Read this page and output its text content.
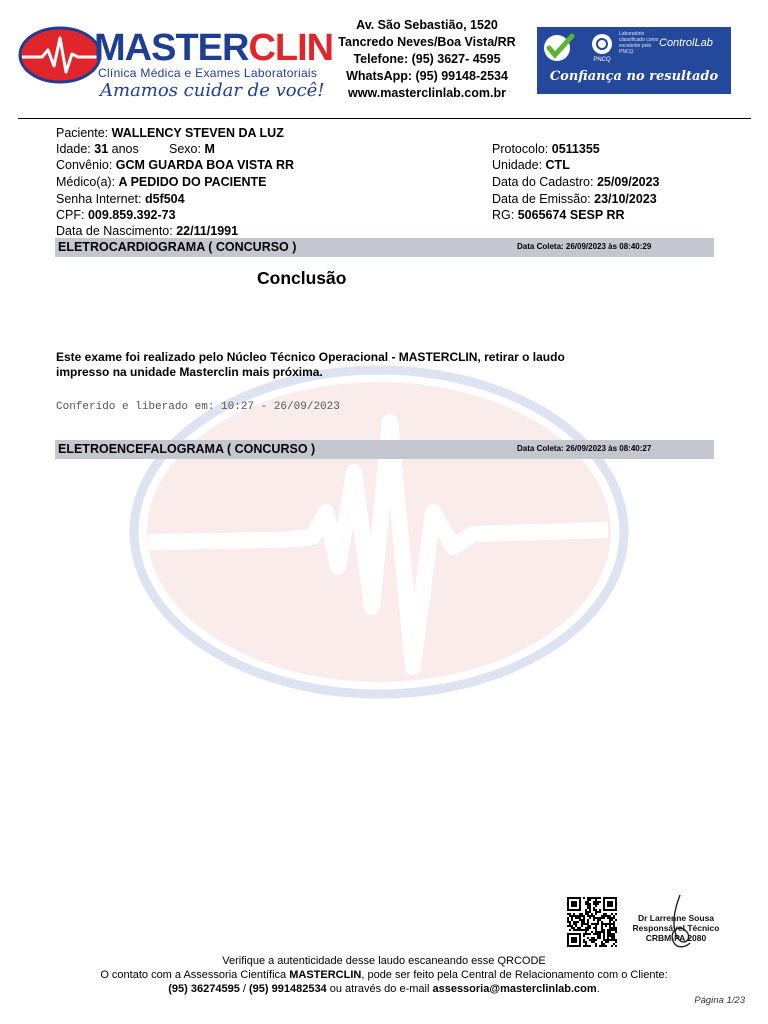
MASTERCLIN
Clínica Médica e Exames Laboratoriais
Amamos cuidar de você!
Av. São Sebastião, 1520
Tancredo Neves/Boa Vista/RR
Telefone: (95) 3627- 4595
WhatsApp: (95) 99148-2534
www.masterclinlab.com.br
PNCQ
Laboratório classificado como excelente pelo PNCQ
ControlLab
Confiança no resultado
Paciente: WALLENCY STEVEN DA LUZ
Idade: 31 anos Sexo: M
Convênio: GCM GUARDA BOA VISTA RR
Médico(a): A PEDIDO DO PACIENTE
Senha Internet: d5f504
CPF: 009.859.392-73
Data de Nascimento: 22/11/1991
Protocolo: 0511355
Unidade: CTL
Data do Cadastro: 25/09/2023
Data de Emissão: 23/10/2023
RG: 5065674 SESP RR
ELETROCARDIOGRAMA ( CONCURSO )	Data Coleta: 26/09/2023 às 08:40:29
Conclusão
Este exame foi realizado pelo Núcleo Técnico Operacional - MASTERCLIN, retirar o laudo impresso na unidade Masterclin mais próxima.
Conferido e liberado em: 10:27 - 26/09/2023
ELETROENCEFALOGRAMA ( CONCURSO )	Data Coleta: 26/09/2023 às 08:40:27
Dr Larrenne Sousa
Responsável Técnico
CRBM-PA 2080
Verifique a autenticidade desse laudo escaneando esse QRCODE
O contato com a Assessoria Científica MASTERCLIN, pode ser feito pela Central de Relacionamento com o Cliente:
(95) 36274595 / (95) 991482534 ou através do e-mail assessoria@masterclinlab.com.
Página 1/23
